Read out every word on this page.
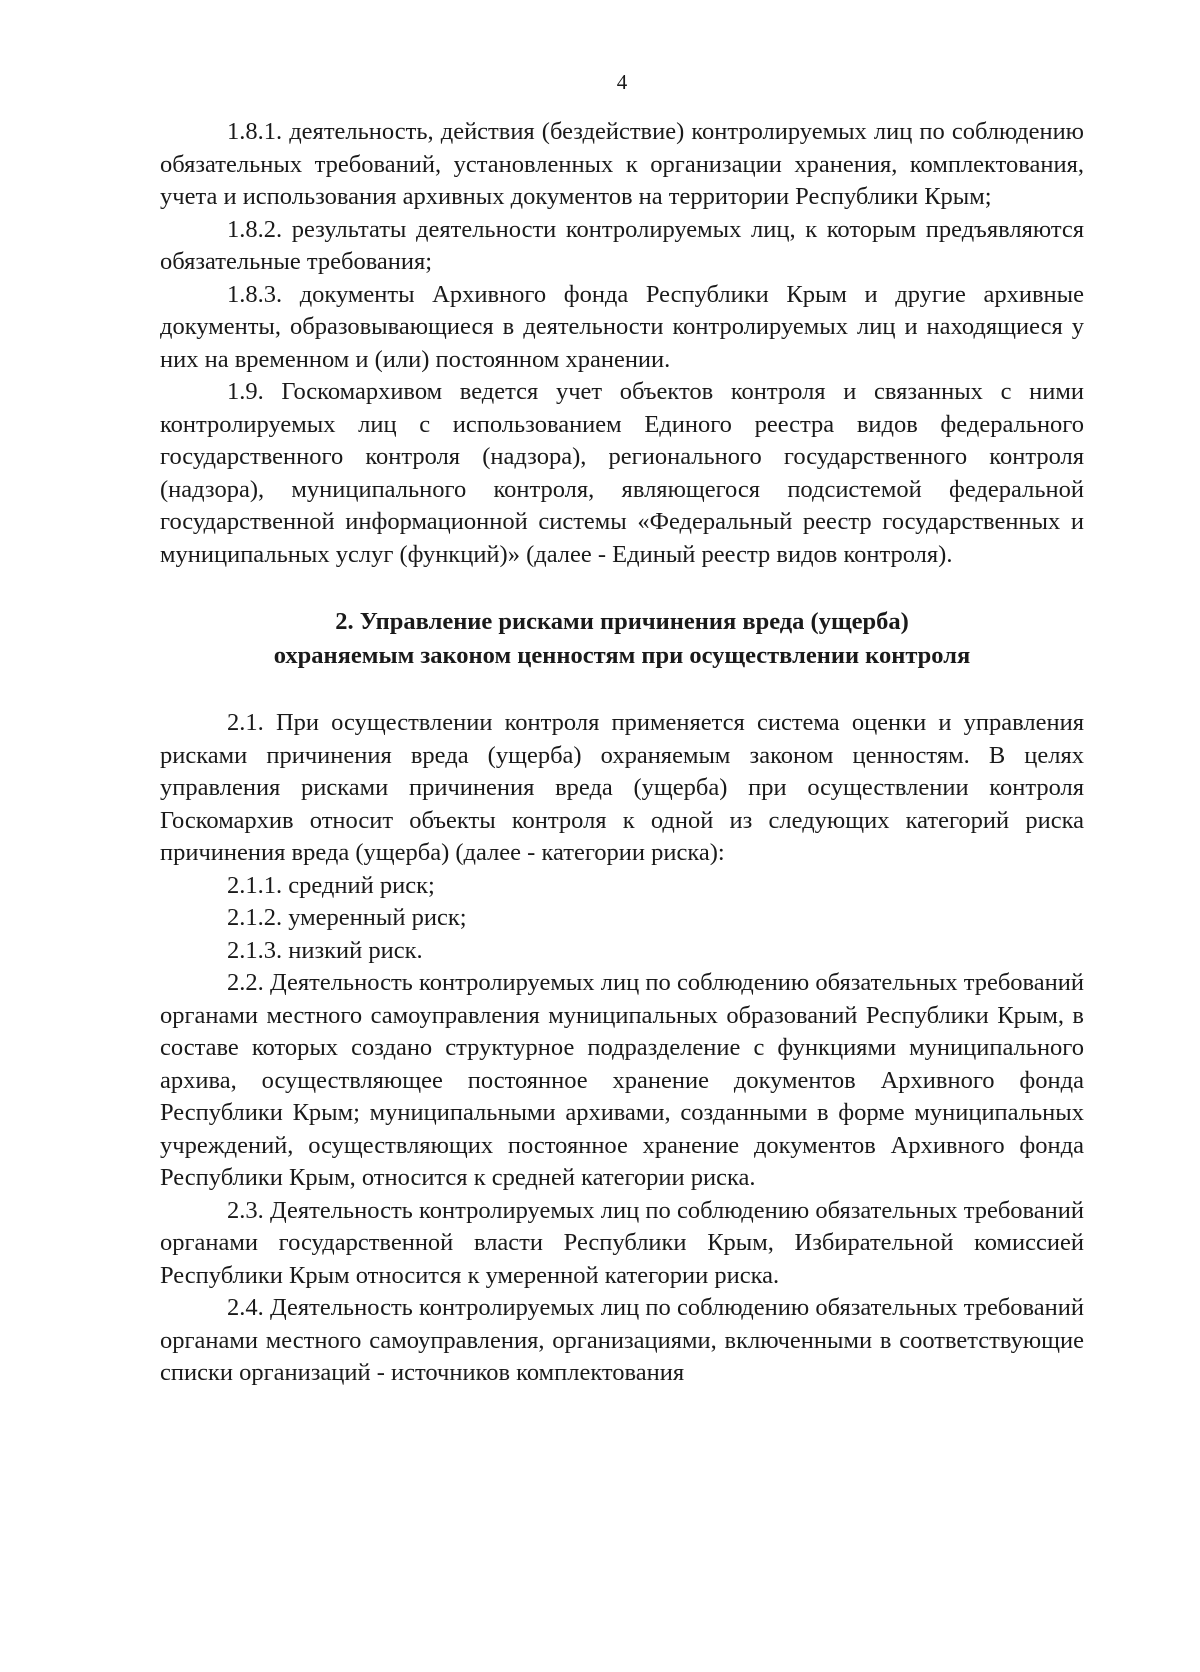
4

1.8.1. деятельность, действия (бездействие) контролируемых лиц по соблюдению обязательных требований, установленных к организации хранения, комплектования, учета и использования архивных документов на территории Республики Крым;

1.8.2. результаты деятельности контролируемых лиц, к которым предъявляются обязательные требования;

1.8.3. документы Архивного фонда Республики Крым и другие архивные документы, образовывающиеся в деятельности контролируемых лиц и находящиеся у них на временном и (или) постоянном хранении.

1.9. Госкомархивом ведется учет объектов контроля и связанных с ними контролируемых лиц с использованием Единого реестра видов федерального государственного контроля (надзора), регионального государственного контроля (надзора), муниципального контроля, являющегося подсистемой федеральной государственной информационной системы «Федеральный реестр государственных и муниципальных услуг (функций)» (далее - Единый реестр видов контроля).

2. Управление рисками причинения вреда (ущерба)
охраняемым законом ценностям при осуществлении контроля

2.1. При осуществлении контроля применяется система оценки и управления рисками причинения вреда (ущерба) охраняемым законом ценностям. В целях управления рисками причинения вреда (ущерба) при осуществлении контроля Госкомархив относит объекты контроля к одной из следующих категорий риска причинения вреда (ущерба) (далее - категории риска):

2.1.1. средний риск;

2.1.2. умеренный риск;

2.1.3. низкий риск.

2.2. Деятельность контролируемых лиц по соблюдению обязательных требований органами местного самоуправления муниципальных образований Республики Крым, в составе которых создано структурное подразделение с функциями муниципального архива, осуществляющее постоянное хранение документов Архивного фонда Республики Крым; муниципальными архивами, созданными в форме муниципальных учреждений, осуществляющих постоянное хранение документов Архивного фонда Республики Крым, относится к средней категории риска.

2.3. Деятельность контролируемых лиц по соблюдению обязательных требований органами государственной власти Республики Крым, Избирательной комиссией Республики Крым относится к умеренной категории риска.

2.4. Деятельность контролируемых лиц по соблюдению обязательных требований органами местного самоуправления, организациями, включенными в соответствующие списки организаций - источников комплектования
